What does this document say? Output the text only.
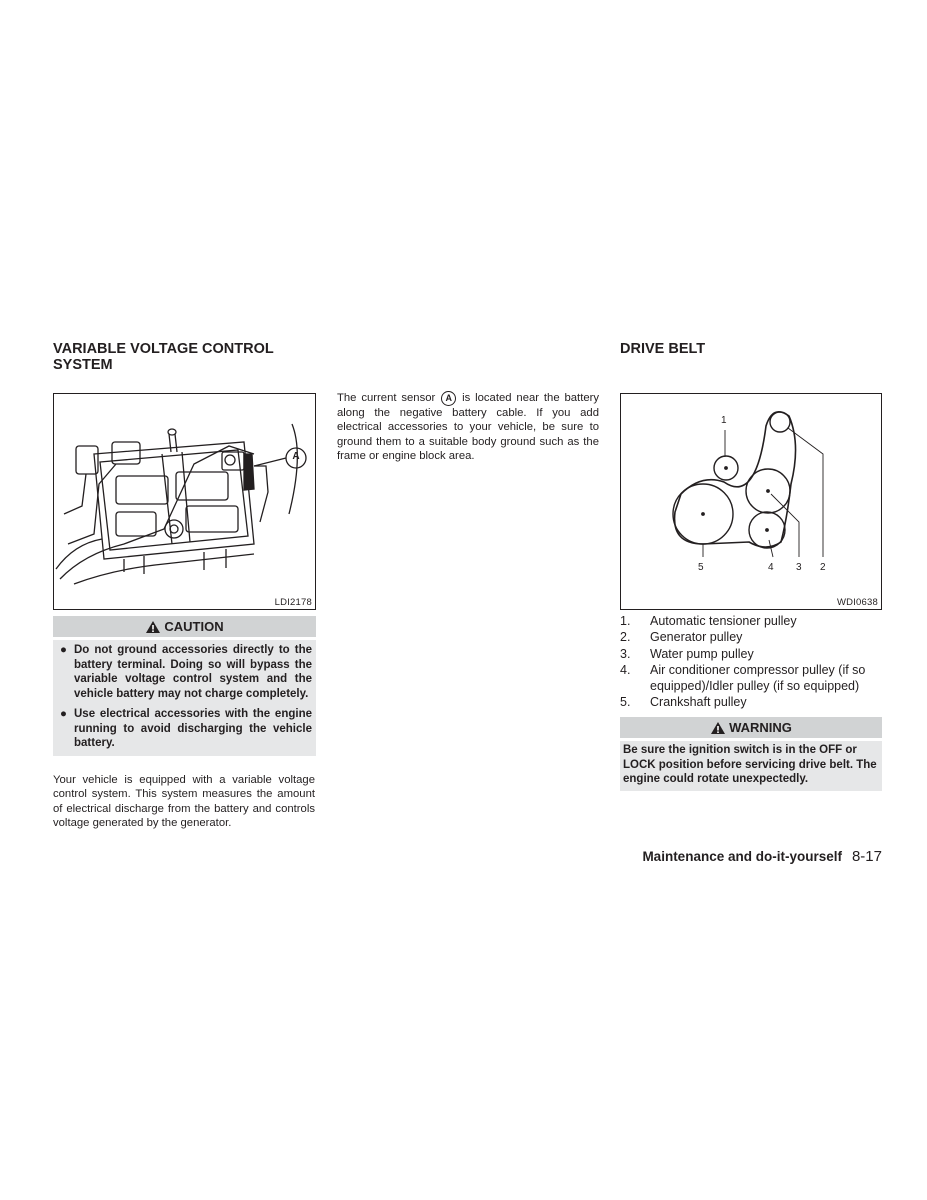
VARIABLE VOLTAGE CONTROL SYSTEM
A
LDI2178
CAUTION
● Do not ground accessories directly to the battery terminal. Doing so will bypass the variable voltage control system and the vehicle battery may not charge completely.
● Use electrical accessories with the engine running to avoid discharging the vehicle battery.

Your vehicle is equipped with a variable voltage control system. This system measures the amount of electrical discharge from the battery and controls voltage generated by the generator.

The current sensor A is located near the battery along the negative battery cable. If you add electrical accessories to your vehicle, be sure to ground them to a suitable body ground such as the frame or engine block area.

DRIVE BELT
1
5	4 3 2
WDI0638
1. Automatic tensioner pulley
2. Generator pulley
3. Water pump pulley
4. Air conditioner compressor pulley (if so equipped)/Idler pulley (if so equipped)
5. Crankshaft pulley
WARNING
Be sure the ignition switch is in the OFF or LOCK position before servicing drive belt. The engine could rotate unexpectedly.
Maintenance and do-it-yourself 8-17
